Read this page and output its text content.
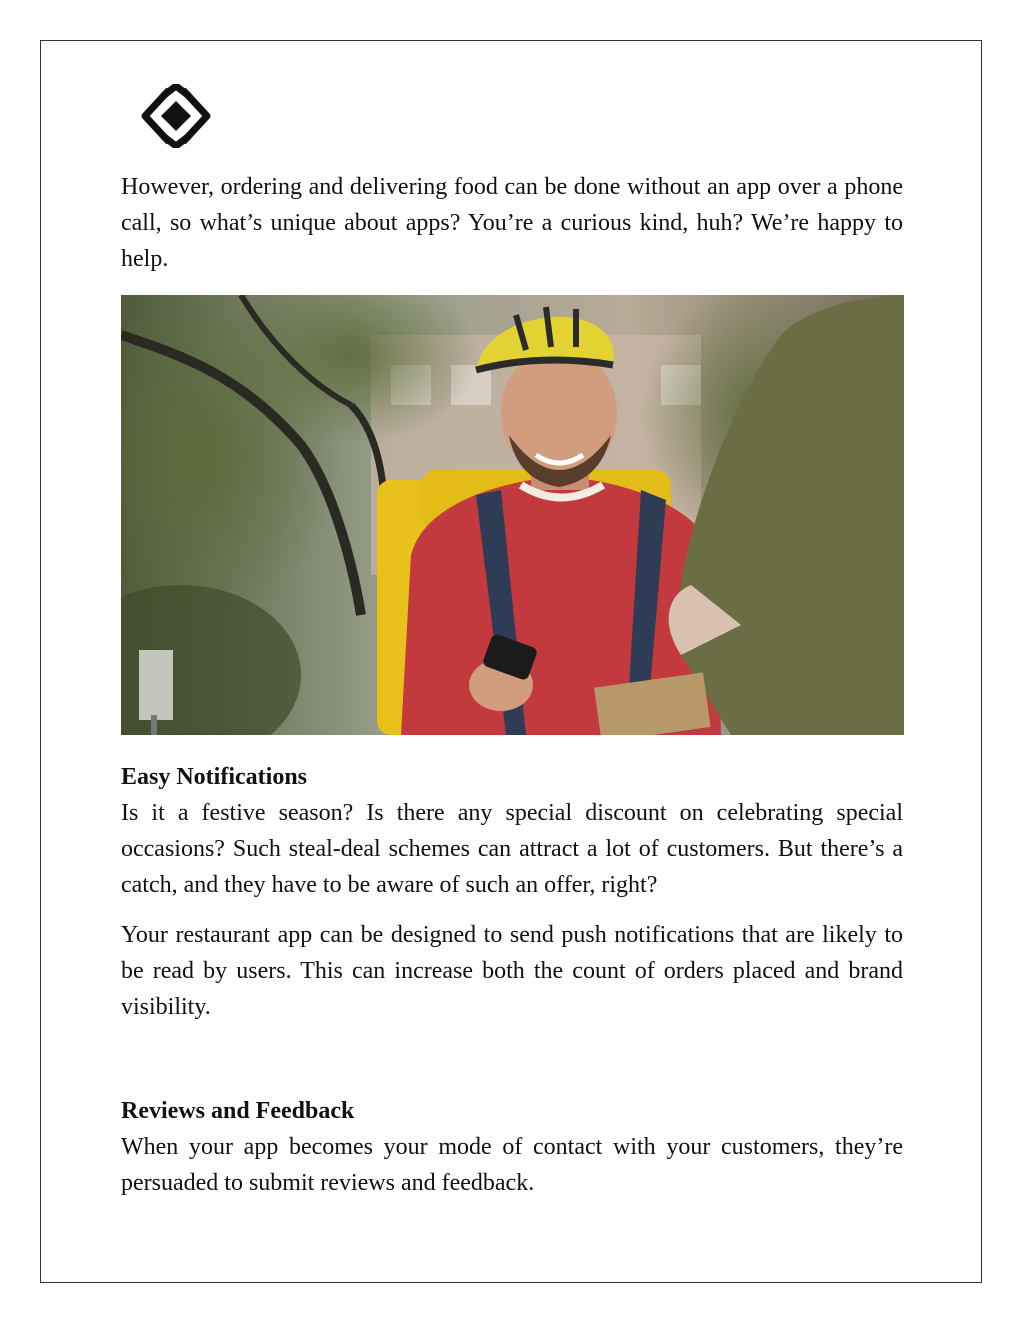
However, ordering and delivering food can be done without an app over a phone call, so what’s unique about apps? You’re a curious kind, huh? We’re happy to help.

Easy Notifications

Is it a festive season? Is there any special discount on celebrating special occasions? Such steal-deal schemes can attract a lot of customers. But there’s a catch, and they have to be aware of such an offer, right?

Your restaurant app can be designed to send push notifications that are likely to be read by users. This can increase both the count of orders placed and brand visibility.

Reviews and Feedback

When your app becomes your mode of contact with your customers, they’re persuaded to submit reviews and feedback.
